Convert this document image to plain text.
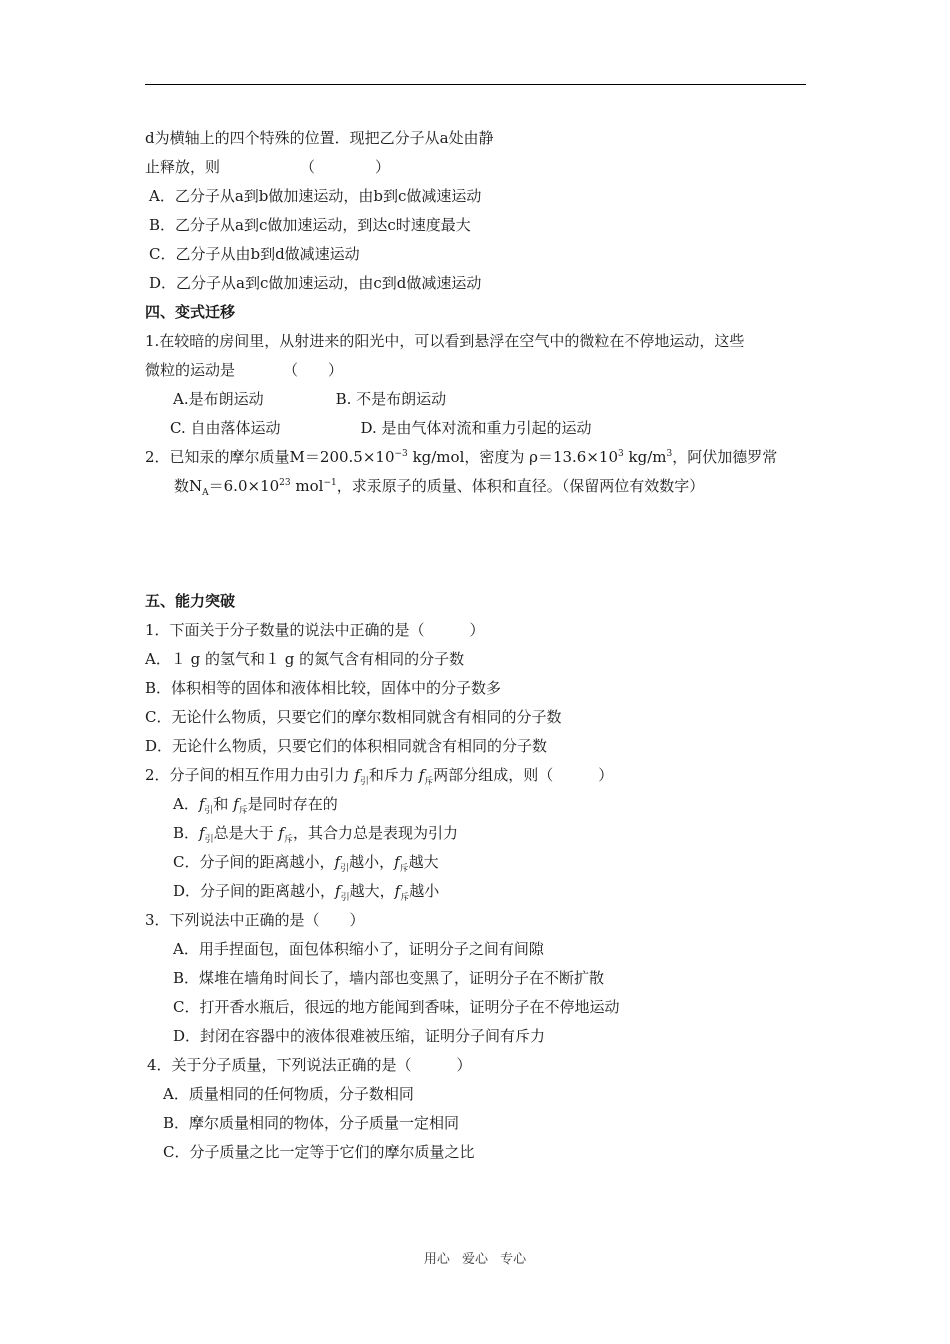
d为横轴上的四个特殊的位置．现把乙分子从a处由静
止释放，则	（　　　　）
A．乙分子从a到b做加速运动，由b到c做减速运动
B．乙分子从a到c做加速运动，到达c时速度最大
C．乙分子从由b到d做减速运动
D．乙分子从a到c做加速运动，由c到d做减速运动
四、变式迁移
1.在较暗的房间里，从射进来的阳光中，可以看到悬浮在空气中的微粒在不停地运动，这些
微粒的运动是	（　　）
A.是布朗运动	B. 不是布朗运动
C. 自由落体运动	D. 是由气体对流和重力引起的运动
2．已知汞的摩尔质量$M=200.5\times 10^{-3}$ kg/mol，密度为 $\rho=13.6\times 10^3$ $kg/m^3$，阿伏加德罗常
数$N_A=6.0\times 10^{23}$ mol$^{-1}$，求汞原子的质量、体积和直径。（保留两位有效数字）
五、能力突破
1．下面关于分子数量的说法中正确的是（　　　）
A．１ g 的氢气和１ g 的氮气含有相同的分子数
B．体积相等的固体和液体相比较，固体中的分子数多
C．无论什么物质，只要它们的摩尔数相同就含有相同的分子数
D．无论什么物质，只要它们的体积相同就含有相同的分子数
2．分子间的相互作用力由引力 $f_引$和斥力 $f_斥$两部分组成，则（　　　）
A．$f_引$和 $f_斥$是同时存在的
B．$f_引$总是大于 $f_斥$，其合力总是表现为引力
C．分子间的距离越小，$f_引$越小，$f_斥$越大
D．分子间的距离越小，$f_引$越大，$f_斥$越小
3．下列说法中正确的是（　　）
A．用手捏面包，面包体积缩小了，证明分子之间有间隙
B．煤堆在墙角时间长了，墙内部也变黑了，证明分子在不断扩散
C．打开香水瓶后，很远的地方能闻到香味，证明分子在不停地运动
D．封闭在容器中的液体很难被压缩，证明分子间有斥力
4．关于分子质量，下列说法正确的是（　　　）
A．质量相同的任何物质，分子数相同
B．摩尔质量相同的物体，分子质量一定相同
C．分子质量之比一定等于它们的摩尔质量之比
用心 爱心 专心
